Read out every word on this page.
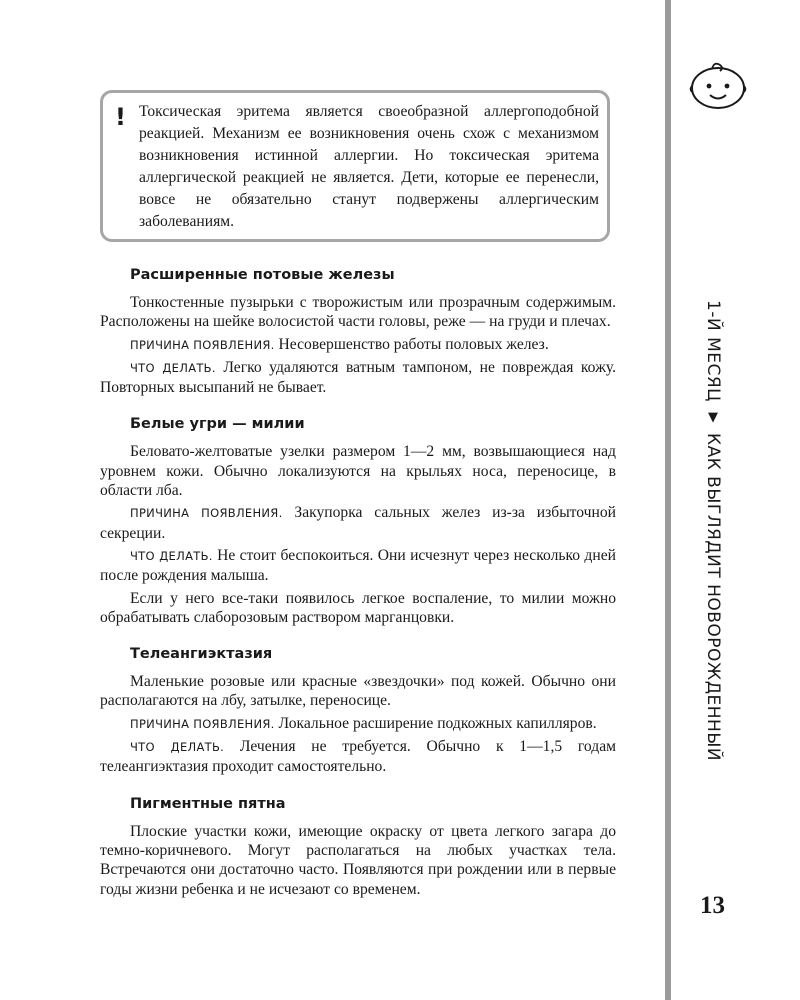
1-Й МЕСЯЦ
▼
КАК ВЫГЛЯДИТ НОВОРОЖДЕННЫЙ
13
! Токсическая эритема является своеобразной аллергоподобной реакцией. Механизм ее возникновения очень схож с механизмом возникновения истинной аллергии. Но токсическая эритема аллергической реакцией не является. Дети, которые ее перенесли, вовсе не обязательно станут подвержены аллергическим заболеваниям.
Расширенные потовые железы

Тонкостенные пузырьки с творожистым или прозрачным содержимым. Расположены на шейке волосистой части головы, реже — на груди и плечах.

ПРИЧИНА ПОЯВЛЕНИЯ. Несовершенство работы половых желез.

ЧТО ДЕЛАТЬ. Легко удаляются ватным тампоном, не повреждая кожу. Повторных высыпаний не бывает.

Белые угри — милии

Беловато-желтоватые узелки размером 1—2 мм, возвышающиеся над уровнем кожи. Обычно локализуются на крыльях носа, переносице, в области лба.

ПРИЧИНА ПОЯВЛЕНИЯ. Закупорка сальных желез из-за избыточной секреции.

ЧТО ДЕЛАТЬ. Не стоит беспокоиться. Они исчезнут через несколько дней после рождения малыша.

Если у него все-таки появилось легкое воспаление, то милии можно обрабатывать слаборозовым раствором марганцовки.

Телеангиэктазия

Маленькие розовые или красные «звездочки» под кожей. Обычно они располагаются на лбу, затылке, переносице.

ПРИЧИНА ПОЯВЛЕНИЯ. Локальное расширение подкожных капилляров.

ЧТО ДЕЛАТЬ. Лечения не требуется. Обычно к 1—1,5 годам телеангиэктазия проходит самостоятельно.

Пигментные пятна

Плоские участки кожи, имеющие окраску от цвета легкого загара до темно-коричневого. Могут располагаться на любых участках тела. Встречаются они достаточно часто. Появляются при рождении или в первые годы жизни ребенка и не исчезают со временем.
